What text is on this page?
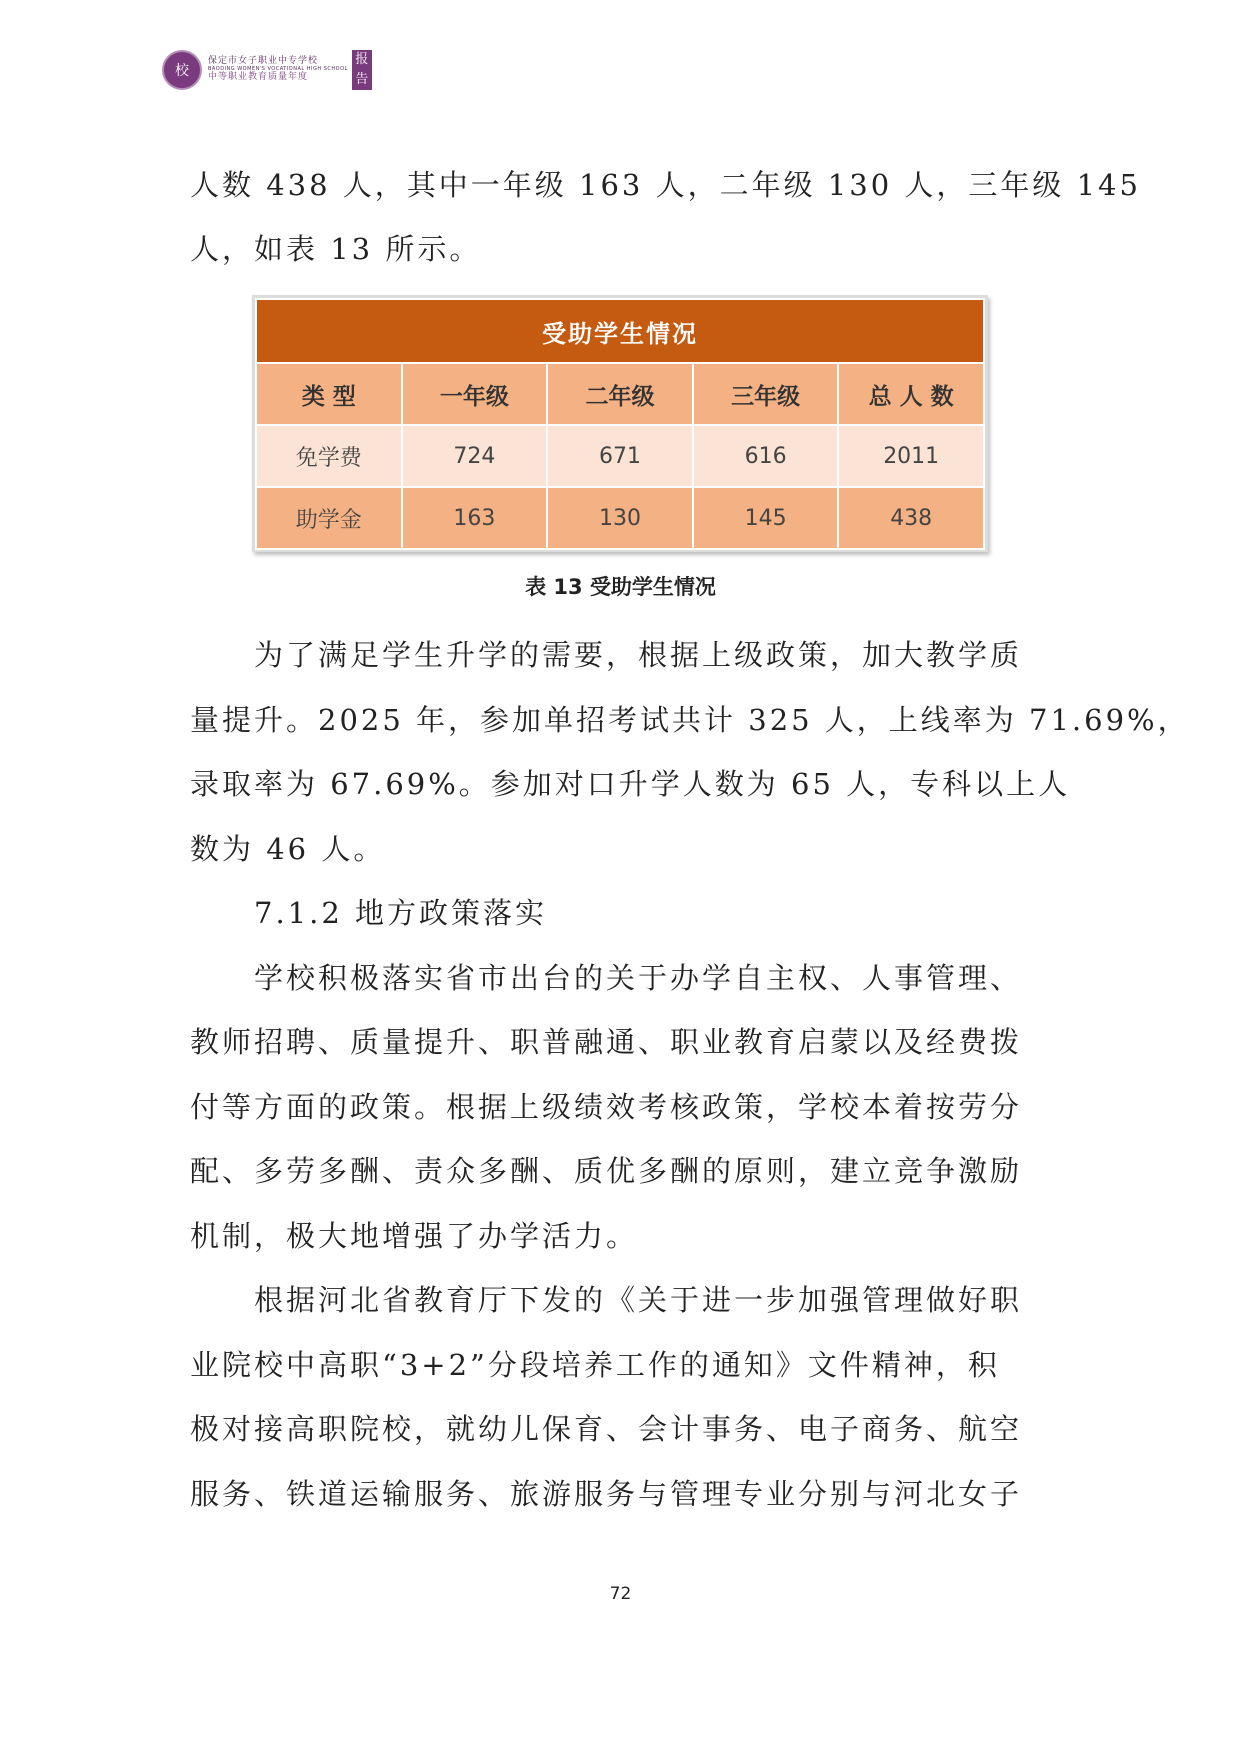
校
保定市女子职业中专学校
BAODING WOMEN'S VOCATIONAL HIGH SCHOOL
中等职业教育质量年度
报告
人数 438 人，其中一年级 163 人，二年级 130 人，三年级 145
人，如表 13 所示。
受助学生情况				
类 型	一年级	二年级	三年级	总 人 数
免学费	724	671	616	2011
助学金	163	130	145	438
表 13 受助学生情况
为了满足学生升学的需要，根据上级政策，加大教学质
量提升。2025 年，参加单招考试共计 325 人，上线率为 71.69%，
录取率为 67.69%。参加对口升学人数为 65 人，专科以上人
数为 46 人。
7.1.2 地方政策落实
学校积极落实省市出台的关于办学自主权、人事管理、
教师招聘、质量提升、职普融通、职业教育启蒙以及经费拨
付等方面的政策。根据上级绩效考核政策，学校本着按劳分
配、多劳多酬、责众多酬、质优多酬的原则，建立竞争激励
机制，极大地增强了办学活力。
根据河北省教育厅下发的《关于进一步加强管理做好职
业院校中高职“3+2”分段培养工作的通知》文件精神，积
极对接高职院校，就幼儿保育、会计事务、电子商务、航空
服务、铁道运输服务、旅游服务与管理专业分别与河北女子
72
